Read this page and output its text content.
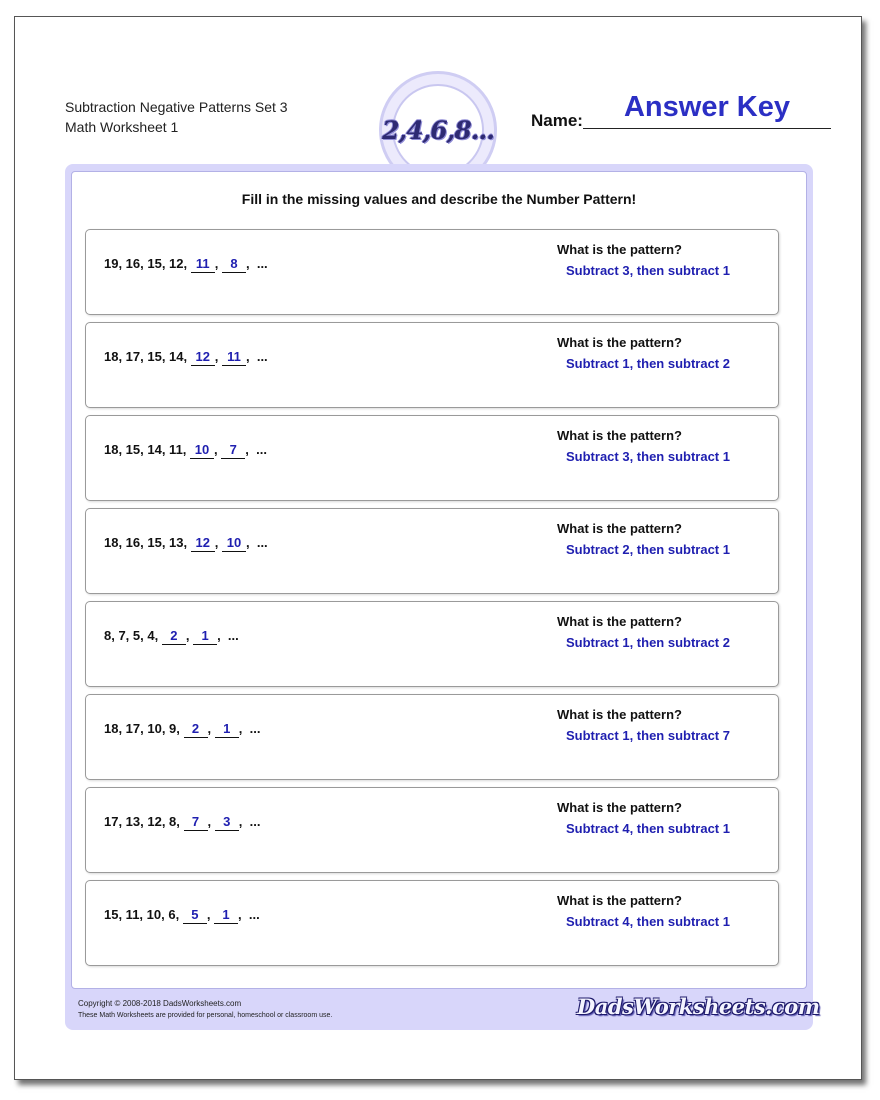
Subtraction Negative Patterns Set 3
Math Worksheet 1	2,4,6,8... Name:	Answer Key
Fill in the missing values and describe the Number Pattern!
19, 16, 15, 12, 11 , 8 ,  ...
What is the pattern?
Subtract 3, then subtract 1
18, 17, 15, 14, 12 , 11 ,  ...
What is the pattern?
Subtract 1, then subtract 2
18, 15, 14, 11, 10 , 7 ,  ...
What is the pattern?
Subtract 3, then subtract 1
18, 16, 15, 13, 12 , 10 ,  ...
What is the pattern?
Subtract 2, then subtract 1
8, 7, 5, 4, 2 , 1 ,  ...
What is the pattern?
Subtract 1, then subtract 2
18, 17, 10, 9, 2 , 1 ,  ...
What is the pattern?
Subtract 1, then subtract 7
17, 13, 12, 8, 7 , 3 ,  ...
What is the pattern?
Subtract 4, then subtract 1
15, 11, 10, 6, 5 , 1 ,  ...
What is the pattern?
Subtract 4, then subtract 1
Copyright © 2008-2018 DadsWorksheets.com
These Math Worksheets are provided for personal, homeschool or classroom use.	DadsWorksheets.com
